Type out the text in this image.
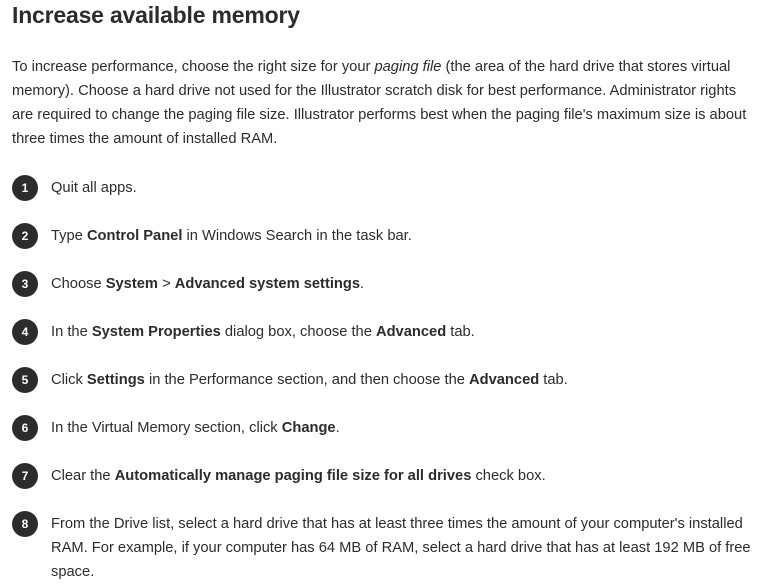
Increase available memory

To increase performance, choose the right size for your paging file (the area of the hard drive that stores virtual memory). Choose a hard drive not used for the Illustrator scratch disk for best performance. Administrator rights are required to change the paging file size. Illustrator performs best when the paging file's maximum size is about three times the amount of installed RAM.

1	Quit all apps.
2	Type Control Panel in Windows Search in the task bar.
3	Choose System > Advanced system settings.
4	In the System Properties dialog box, choose the Advanced tab.
5	Click Settings in the Performance section, and then choose the Advanced tab.
6	In the Virtual Memory section, click Change.
7	Clear the Automatically manage paging file size for all drives check box.
8	From the Drive list, select a hard drive that has at least three times the amount of your computer's installed RAM. For example, if your computer has 64 MB of RAM, select a hard drive that has at least 192 MB of free space.
